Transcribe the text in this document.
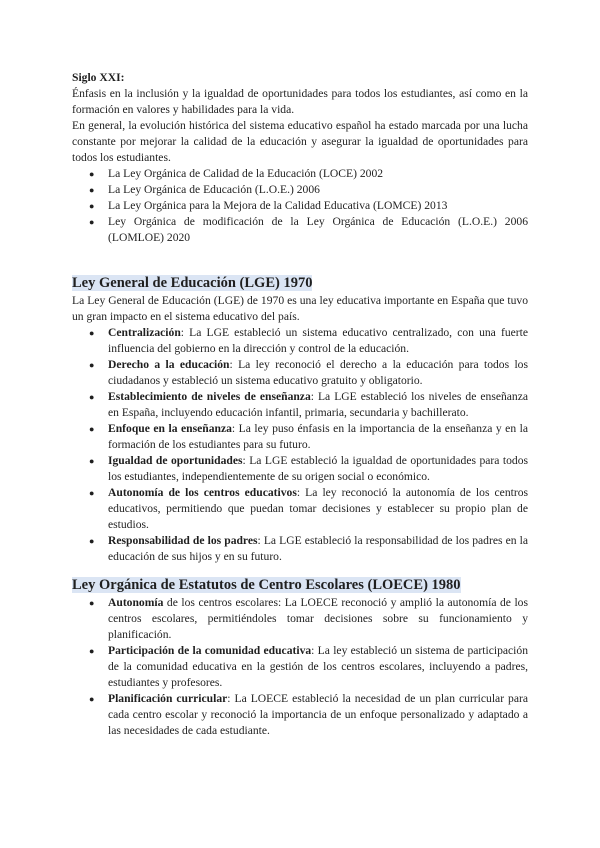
Siglo XXI:

Énfasis en la inclusión y la igualdad de oportunidades para todos los estudiantes, así como en la formación en valores y habilidades para la vida.

En general, la evolución histórica del sistema educativo español ha estado marcada por una lucha constante por mejorar la calidad de la educación y asegurar la igualdad de oportunidades para todos los estudiantes.

● La Ley Orgánica de Calidad de la Educación (LOCE) 2002
● La Ley Orgánica de Educación (L.O.E.) 2006
● La Ley Orgánica para la Mejora de la Calidad Educativa (LOMCE) 2013
● Ley Orgánica de modificación de la Ley Orgánica de Educación (L.O.E.) 2006 (LOMLOE) 2020
Ley General de Educación (LGE) 1970

La Ley General de Educación (LGE) de 1970 es una ley educativa importante en España que tuvo un gran impacto en el sistema educativo del país.

● Centralización: La LGE estableció un sistema educativo centralizado, con una fuerte influencia del gobierno en la dirección y control de la educación.
● Derecho a la educación: La ley reconoció el derecho a la educación para todos los ciudadanos y estableció un sistema educativo gratuito y obligatorio.
● Establecimiento de niveles de enseñanza: La LGE estableció los niveles de enseñanza en España, incluyendo educación infantil, primaria, secundaria y bachillerato.
● Enfoque en la enseñanza: La ley puso énfasis en la importancia de la enseñanza y en la formación de los estudiantes para su futuro.
● Igualdad de oportunidades: La LGE estableció la igualdad de oportunidades para todos los estudiantes, independientemente de su origen social o económico.
● Autonomía de los centros educativos: La ley reconoció la autonomía de los centros educativos, permitiendo que puedan tomar decisiones y establecer su propio plan de estudios.
● Responsabilidad de los padres: La LGE estableció la responsabilidad de los padres en la educación de sus hijos y en su futuro.
Ley Orgánica de Estatutos de Centro Escolares (LOECE) 1980
● Autonomía de los centros escolares: La LOECE reconoció y amplió la autonomía de los centros escolares, permitiéndoles tomar decisiones sobre su funcionamiento y planificación.
● Participación de la comunidad educativa: La ley estableció un sistema de participación de la comunidad educativa en la gestión de los centros escolares, incluyendo a padres, estudiantes y profesores.
● Planificación curricular: La LOECE estableció la necesidad de un plan curricular para cada centro escolar y reconoció la importancia de un enfoque personalizado y adaptado a las necesidades de cada estudiante.
